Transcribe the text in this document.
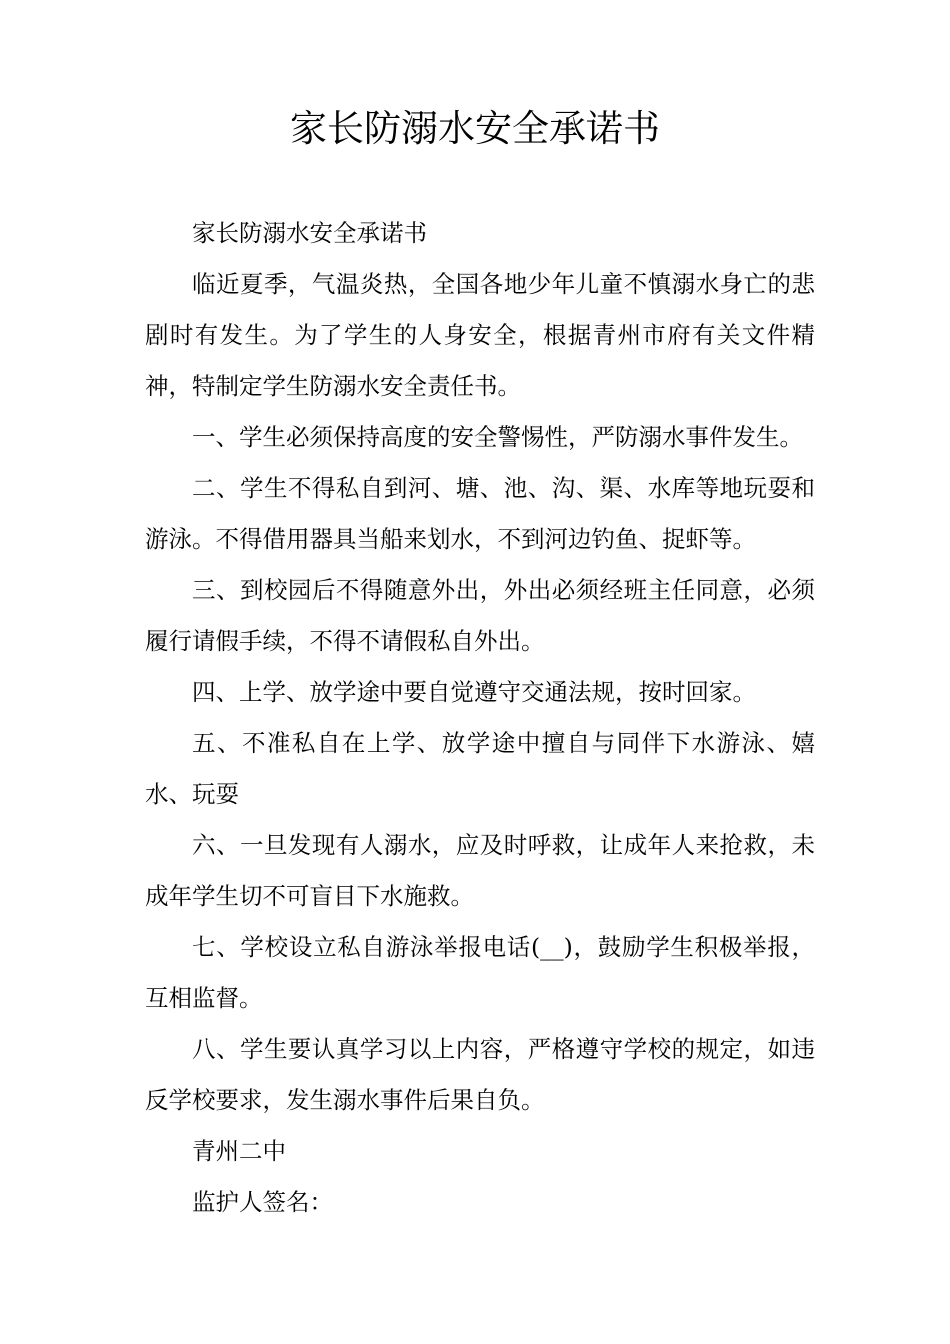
家长防溺水安全承诺书

家长防溺水安全承诺书

临近夏季，气温炎热，全国各地少年儿童不慎溺水身亡的悲剧时有发生。为了学生的人身安全，根据青州市府有关文件精神，特制定学生防溺水安全责任书。

一、学生必须保持高度的安全警惕性，严防溺水事件发生。

二、学生不得私自到河、塘、池、沟、渠、水库等地玩耍和游泳。不得借用器具当船来划水，不到河边钓鱼、捉虾等。

三、到校园后不得随意外出，外出必须经班主任同意，必须履行请假手续，不得不请假私自外出。

四、上学、放学途中要自觉遵守交通法规，按时回家。

五、不准私自在上学、放学途中擅自与同伴下水游泳、嬉水、玩耍

六、一旦发现有人溺水，应及时呼救，让成年人来抢救，未成年学生切不可盲目下水施救。

七、学校设立私自游泳举报电话(__)，鼓励学生积极举报，互相监督。

八、学生要认真学习以上内容，严格遵守学校的规定，如违反学校要求，发生溺水事件后果自负。

青州二中

监护人签名：
